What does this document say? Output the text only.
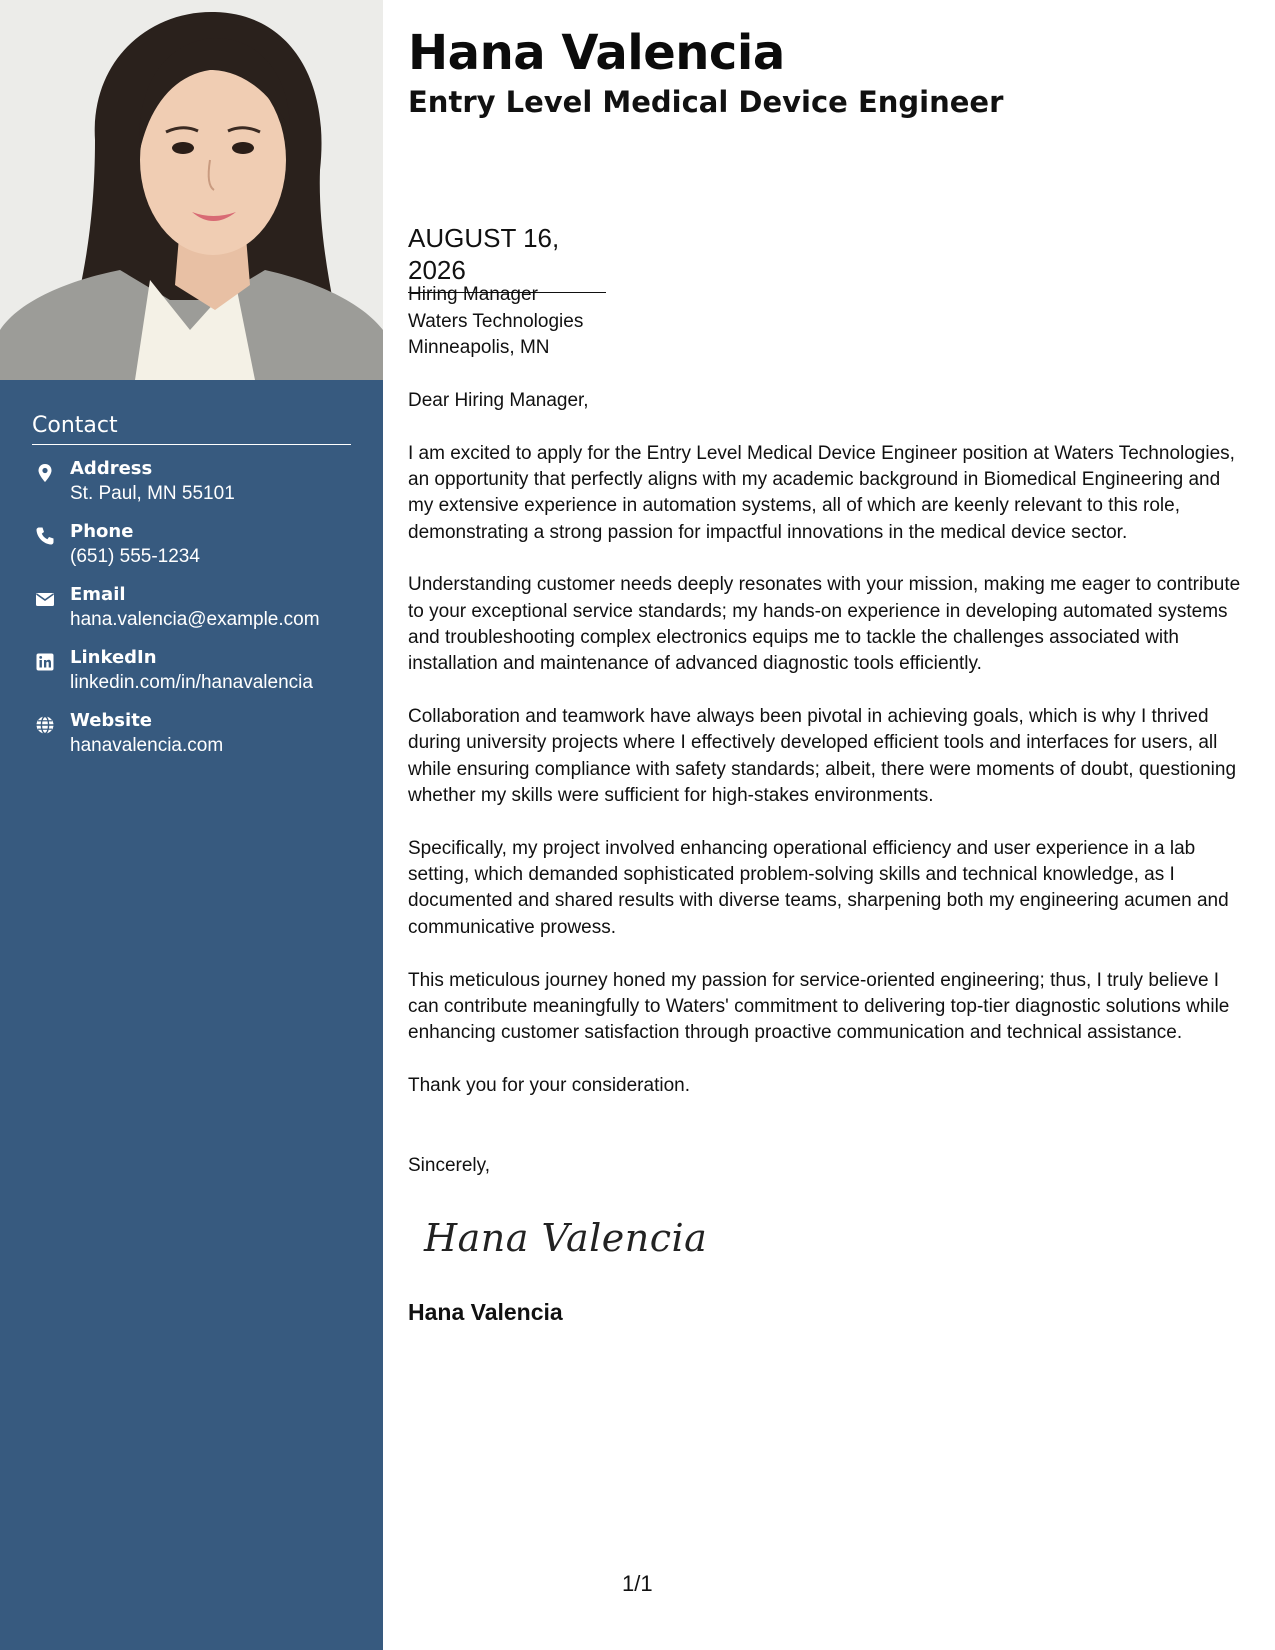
Contact
Address
St. Paul, MN 55101
Phone
(651) 555-1234
Email
hana.valencia@example.com
LinkedIn
linkedin.com/in/hanavalencia
Website
hanavalencia.com
Hana Valencia
Entry Level Medical Device Engineer
AUGUST 16, 2026
Hiring Manager
Waters Technologies
Minneapolis, MN

Dear Hiring Manager,

I am excited to apply for the Entry Level Medical Device Engineer position at Waters Technologies, an opportunity that perfectly aligns with my academic background in Biomedical Engineering and my extensive experience in automation systems, all of which are keenly relevant to this role, demonstrating a strong passion for impactful innovations in the medical device sector.

Understanding customer needs deeply resonates with your mission, making me eager to contribute to your exceptional service standards; my hands-on experience in developing automated systems and troubleshooting complex electronics equips me to tackle the challenges associated with installation and maintenance of advanced diagnostic tools efficiently.

Collaboration and teamwork have always been pivotal in achieving goals, which is why I thrived during university projects where I effectively developed efficient tools and interfaces for users, all while ensuring compliance with safety standards; albeit, there were moments of doubt, questioning whether my skills were sufficient for high-stakes environments.

Specifically, my project involved enhancing operational efficiency and user experience in a lab setting, which demanded sophisticated problem-solving skills and technical knowledge, as I documented and shared results with diverse teams, sharpening both my engineering acumen and communicative prowess.

This meticulous journey honed my passion for service-oriented engineering; thus, I truly believe I can contribute meaningfully to Waters' commitment to delivering top-tier diagnostic solutions while enhancing customer satisfaction through proactive communication and technical assistance.

Thank you for your consideration.

Sincerely,
Hana Valencia
Hana Valencia
1/1
